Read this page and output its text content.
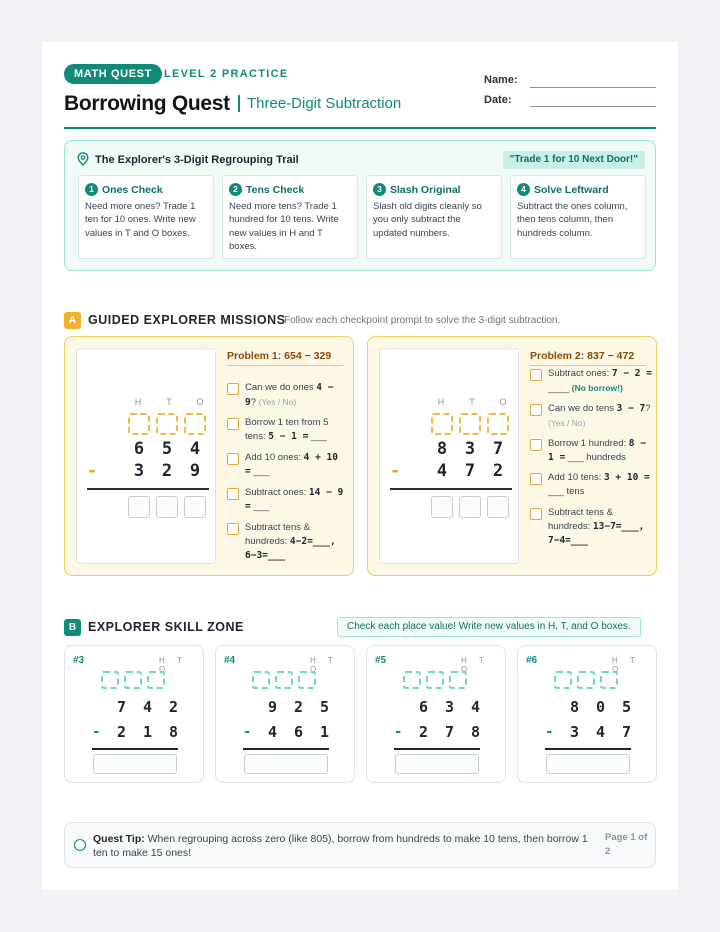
MATH QUEST	LEVEL 2 PRACTICE
Borrowing Quest	Three-Digit Subtraction
Name:
Date:
The Explorer's 3-Digit Regrouping Trail	"Trade 1 for 10 Next Door!"
1 Ones Check
Need more ones? Trade 1 ten for 10 ones. Write new values in T and O boxes.
2 Tens Check
Need more tens? Trade 1 hundred for 10 tens. Write new values in H and T boxes.
3 Slash Original
Slash old digits cleanly so you only subtract the updated numbers.
4 Solve Leftward
Subtract the ones column, then tens column, then hundreds column.
A GUIDED EXPLORER MISSIONS
Follow each checkpoint prompt to solve the 3-digit subtraction.
H	T	O
6	5	4
-	3	2	9
Problem 1: 654 − 329
Can we do ones 4 − 9? (Yes / No)
Borrow 1 ten from 5 tens: 5 − 1 = ___
Add 10 ones: 4 + 10 = ___
Subtract ones: 14 − 9 = ___
Subtract tens & hundreds: 4−2=___, 6−3=___
H	T	O
8	3	7
-	4	7	2
Problem 2: 837 − 472
Subtract ones: 7 − 2 = ____ (No borrow!)
Can we do tens 3 − 7? (Yes / No)
Borrow 1 hundred: 8 − 1 = ___ hundreds
Add 10 tens: 3 + 10 = ___ tens
Subtract tens & hundreds: 13−7=___, 7−4=___
B EXPLORER SKILL ZONE	Check each place value! Write new values in H, T, and O boxes.
#3	H T O
7	4	2
-	2	1	8
#4	H T O
9	2	5
-	4	6	1
#5	H T O
6	3	4
-	2	7	8
#6	H T O
8	0	5
-	3	4	7
Quest Tip: When regrouping across zero (like 805), borrow from hundreds to make 10 tens, then borrow 1 ten to make 15 ones!
Page 1 of 2
